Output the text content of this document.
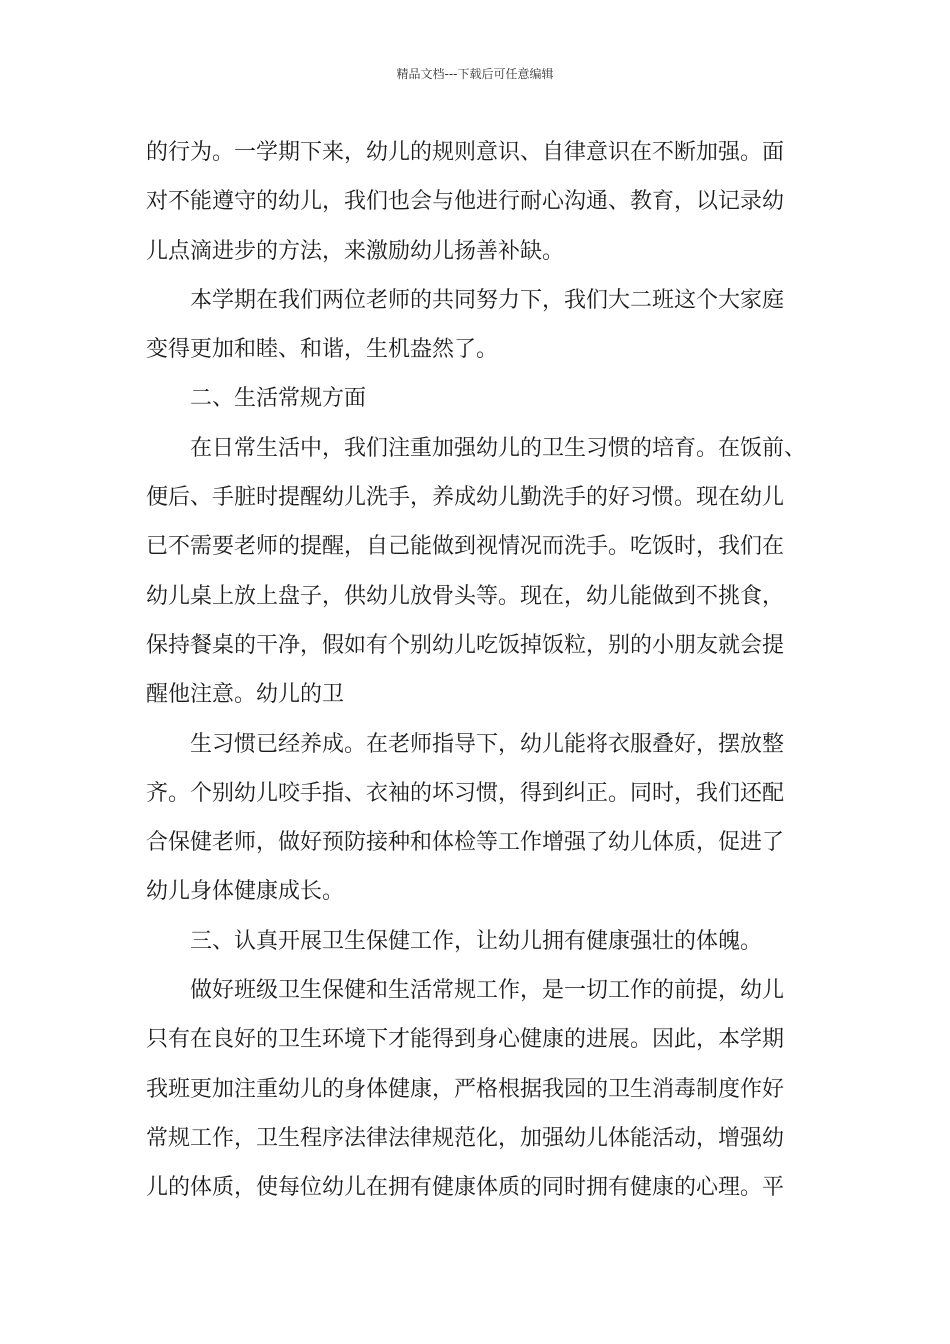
精品文档---下载后可任意编辑
的行为。一学期下来，幼儿的规则意识、自律意识在不断加强。面
对不能遵守的幼儿，我们也会与他进行耐心沟通、教育，以记录幼
儿点滴进步的方法，来激励幼儿扬善补缺。
本学期在我们两位老师的共同努力下，我们大二班这个大家庭
变得更加和睦、和谐，生机盎然了。
二、生活常规方面
在日常生活中，我们注重加强幼儿的卫生习惯的培育。在饭前、
便后、手脏时提醒幼儿洗手，养成幼儿勤洗手的好习惯。现在幼儿
已不需要老师的提醒，自己能做到视情况而洗手。吃饭时，我们在
幼儿桌上放上盘子，供幼儿放骨头等。现在，幼儿能做到不挑食，
保持餐桌的干净，假如有个别幼儿吃饭掉饭粒，别的小朋友就会提
醒他注意。幼儿的卫
生习惯已经养成。在老师指导下，幼儿能将衣服叠好，摆放整
齐。个别幼儿咬手指、衣袖的坏习惯，得到纠正。同时，我们还配
合保健老师，做好预防接种和体检等工作增强了幼儿体质，促进了
幼儿身体健康成长。
三、认真开展卫生保健工作，让幼儿拥有健康强壮的体魄。
做好班级卫生保健和生活常规工作，是一切工作的前提，幼儿
只有在良好的卫生环境下才能得到身心健康的进展。因此，本学期
我班更加注重幼儿的身体健康，严格根据我园的卫生消毒制度作好
常规工作，卫生程序法律法律规范化，加强幼儿体能活动，增强幼
儿的体质，使每位幼儿在拥有健康体质的同时拥有健康的心理。平
